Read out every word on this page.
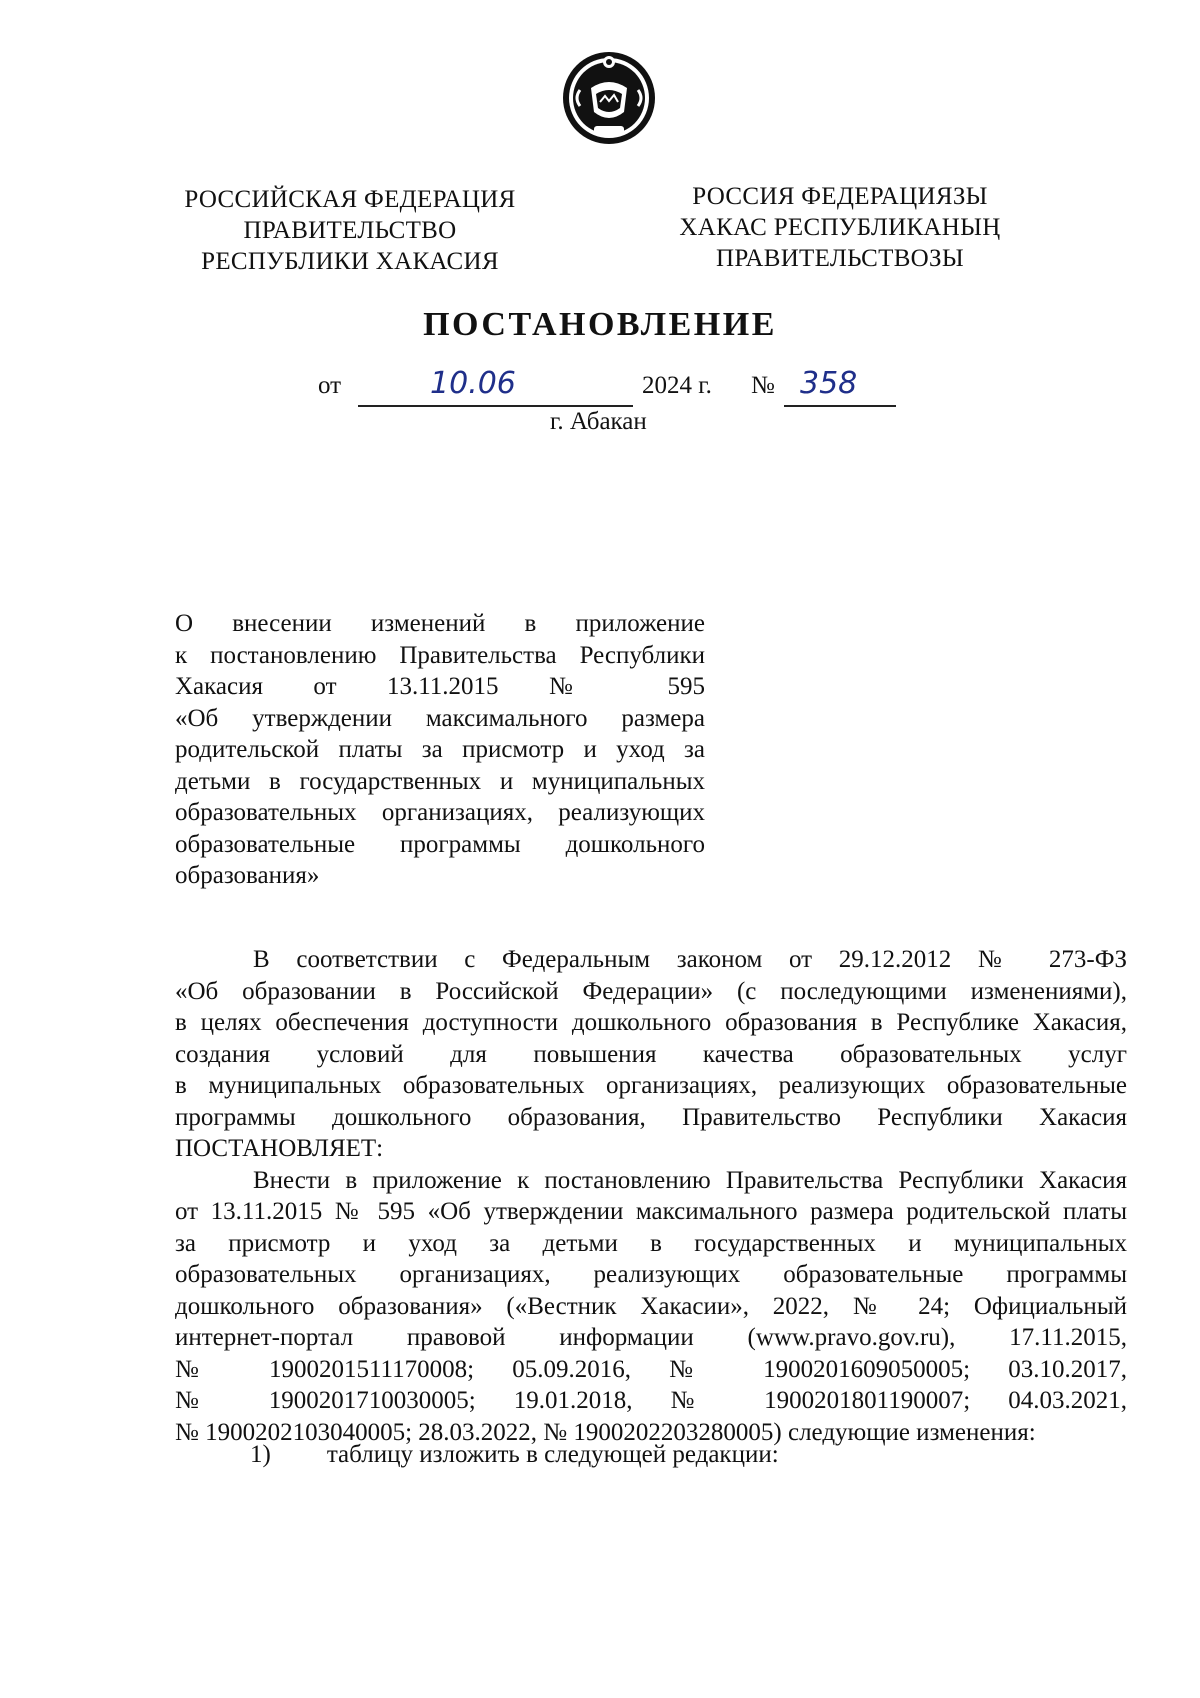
РОССИЙСКАЯ ФЕДЕРАЦИЯ
ПРАВИТЕЛЬСТВО
РЕСПУБЛИКИ ХАКАСИЯ
РОССИЯ ФЕДЕРАЦИЯЗЫ
ХАКАС РЕСПУБЛИКАНЫҢ
ПРАВИТЕЛЬСТВОЗЫ
ПОСТАНОВЛЕНИЕ
от	10.06	2024 г. № 358
г. Абакан
О внесении изменений в приложение
к постановлению Правительства Республики
Хакасия от 13.11.2015 № 595
«Об утверждении максимального размера
родительской платы за присмотр и уход за
детьми в государственных и муниципальных
образовательных организациях, реализующих
образовательные программы дошкольного
образования»
В соответствии с Федеральным законом от 29.12.2012 № 273-ФЗ
«Об образовании в Российской Федерации» (с последующими изменениями),
в целях обеспечения доступности дошкольного образования в Республике Хакасия,
создания условий для повышения качества образовательных услуг
в муниципальных образовательных организациях, реализующих образовательные
программы дошкольного образования, Правительство Республики Хакасия
ПОСТАНОВЛЯЕТ:
Внести в приложение к постановлению Правительства Республики Хакасия
от 13.11.2015 № 595 «Об утверждении максимального размера родительской платы
за присмотр и уход за детьми в государственных и муниципальных
образовательных организациях, реализующих образовательные программы
дошкольного образования» («Вестник Хакасии», 2022, № 24; Официальный
интернет-портал правовой информации (www.pravo.gov.ru), 17.11.2015,
№ 1900201511170008; 05.09.2016, № 1900201609050005; 03.10.2017,
№ 1900201710030005; 19.01.2018, № 1900201801190007; 04.03.2021,
№ 1900202103040005; 28.03.2022, № 1900202203280005) следующие изменения:
1) таблицу изложить в следующей редакции:
